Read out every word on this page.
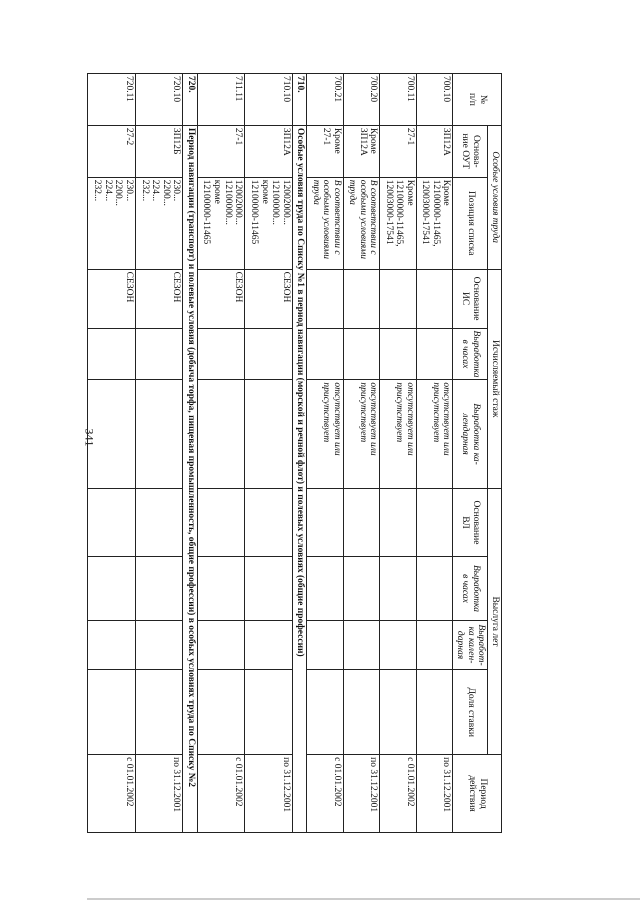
341
№
п/п	Особые условия труда		Исчисляемый стаж			Выслуга лет				Период
действия
	Основа-
ние ОУТ	Позиция списка	Основание
ИС	Выработка
в часах	Выработка ка-
лендарная	Основание
ВЛ	Выработка
в часах	Выработ-
ка кален-
дарная	Доля ставки	
700.10	ЗП12А	Кроме
12100000-11465,
12003000-17541			отсутствует или
присутствует					по 31.12.2001
700.11	27-1	Кроме
12100000-11465,
12003000-17541			отсутствует или
присутствует					с 01.01.2002
700.20	Кроме
ЗП12А	В соответствии с
особыми условиями
труда			отсутствует или
присутствует					по 31.12.2001
700.21	Кроме
27-1	В соответствии с
особыми условиями
труда			отсутствует или
присутствует					с 01.01.2002
710.	Особые условия труда по Списку №1 в период навигации (морской и речной флот) и полевых условиях (общие профессии)									
710.10	ЗП12А	12002000...
12100000...
кроме
12100000-11465	СЕЗОН							по 31.12.2001
711.11	27-1	12002000...
12100000...
кроме
12100000-11465	СЕЗОН							с 01.01.2002
720.	Период навигации (транспорт) и полевые условия (добыча торфа, пищевая промышленность, общие профессии) в особых условиях труда по Списку №2									
720.10	ЗП12Б	230...
2200...
224...
232...	СЕЗОН							по 31.12.2001
720.11	27-2	230...
2200...
224...
232...	СЕЗОН							с 01.01.2002
